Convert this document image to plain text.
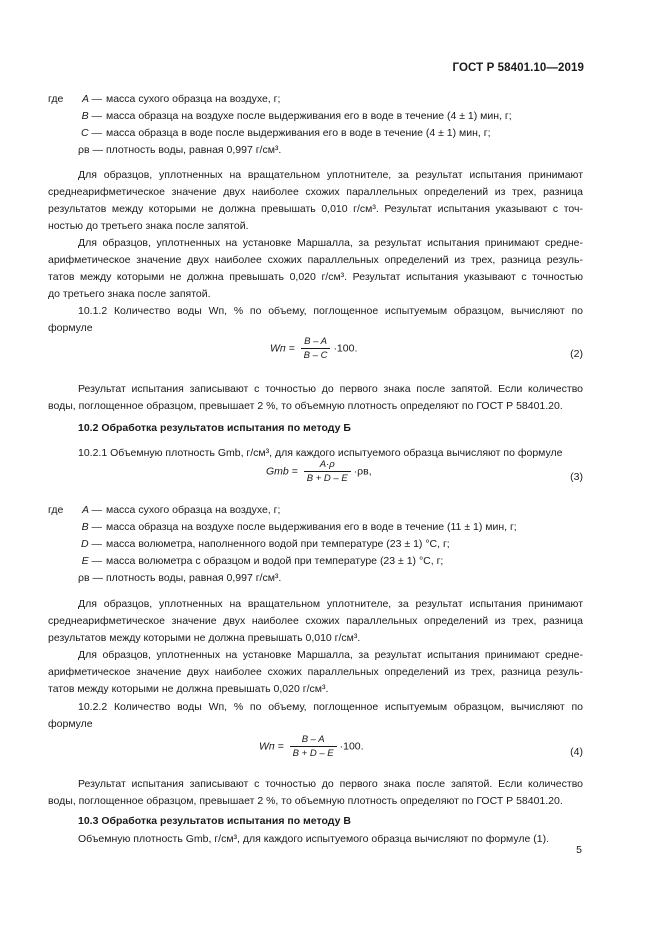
ГОСТ Р 58401.10—2019
где A — масса сухого образца на воздухе, г;
B — масса образца на воздухе после выдерживания его в воде в течение (4 ± 1) мин, г;
C — масса образца в воде после выдерживания его в воде в течение (4 ± 1) мин, г;
ρв — плотность воды, равная 0,997 г/см³.
Для образцов, уплотненных на вращательном уплотнителе, за результат испытания принимают
среднеарифметическое значение двух наиболее схожих параллельных определений из трех, разница
результатов между которыми не должна превышать 0,010 г/см³. Результат испытания указывают с точ-
ностью до третьего знака после запятой.
Для образцов, уплотненных на установке Маршалла, за результат испытания принимают средне-
арифметическое значение двух наиболее схожих параллельных определений из трех, разница резуль-
татов между которыми не должна превышать 0,020 г/см³. Результат испытания указывают с точностью
до третьего знака после запятой.
10.1.2 Количество воды Wп, % по объему, поглощенное испытуемым образцом, вычисляют по
формуле
Wп = $\frac{B - A}{B - C} \cdot 100$.	(2)
Результат испытания записывают с точностью до первого знака после запятой. Если количество
воды, поглощенное образцом, превышает 2 %, то объемную плотность определяют по ГОСТ Р 58401.20.
10.2 Обработка результатов испытания по методу Б
10.2.1 Объемную плотность Gmb, г/см³, для каждого испытуемого образца вычисляют по формуле
Gmb = $\frac{A\cdot\rho}{B + D - E} \cdot\rho в$,	(3)
где A — масса сухого образца на воздухе, г;
B — масса образца на воздухе после выдерживания его в воде в течение (11 ± 1) мин, г;
D — масса волюметра, наполненного водой при температуре (23 ± 1) °С, г;
E — масса волюметра с образцом и водой при температуре (23 ± 1) °С, г;
ρв — плотность воды, равная 0,997 г/см³.
Для образцов, уплотненных на вращательном уплотнителе, за результат испытания принимают
среднеарифметическое значение двух наиболее схожих параллельных определений из трех, разница
результатов между которыми не должна превышать 0,010 г/см³.
Для образцов, уплотненных на установке Маршалла, за результат испытания принимают средне-
арифметическое значение двух наиболее схожих параллельных определений из трех, разница резуль-
татов между которыми не должна превышать 0,020 г/см³.
10.2.2 Количество воды Wп, % по объему, поглощенное испытуемым образцом, вычисляют по
формуле
Wп = $\frac{B - A}{B + D - E} \cdot 100$.	(4)
Результат испытания записывают с точностью до первого знака после запятой. Если количество
воды, поглощенное образцом, превышает 2 %, то объемную плотность определяют по ГОСТ Р 58401.20.
10.3 Обработка результатов испытания по методу В
Объемную плотность Gmb, г/см³, для каждого испытуемого образца вычисляют по формуле (1).
5
